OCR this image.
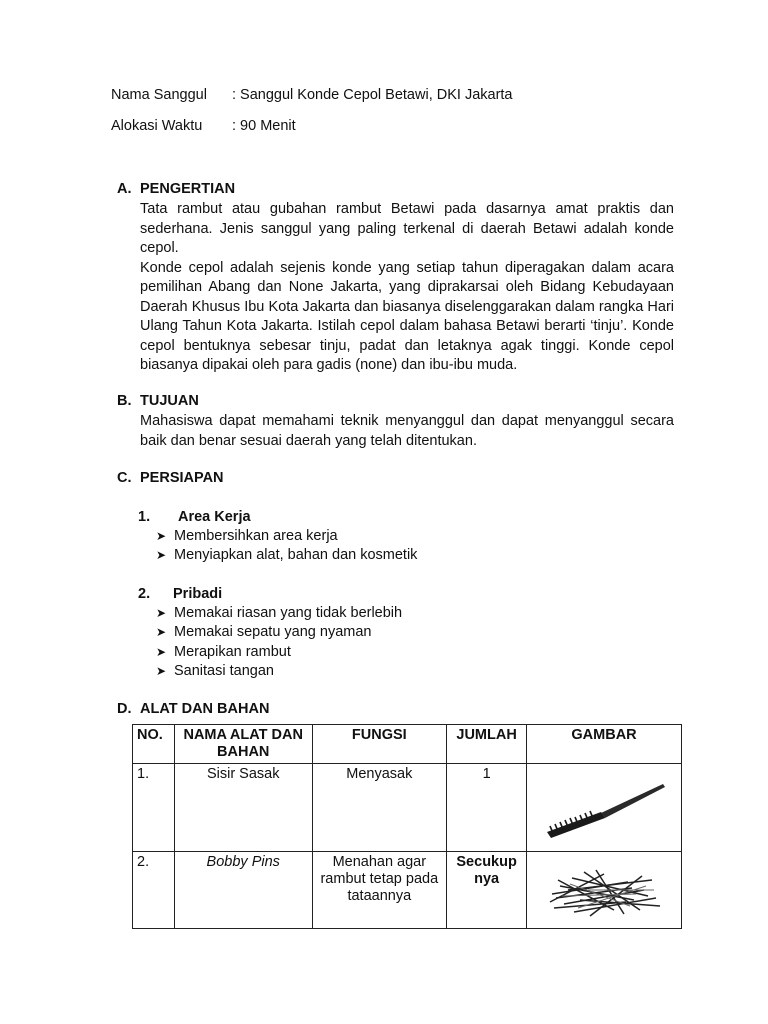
Nama Sanggul : Sanggul Konde Cepol Betawi, DKI Jakarta
Alokasi Waktu : 90 Menit
A. PENGERTIAN

Tata rambut atau gubahan rambut Betawi pada dasarnya amat praktis dan sederhana. Jenis sanggul yang paling terkenal di daerah Betawi adalah konde cepol.

Konde cepol adalah sejenis konde yang setiap tahun diperagakan dalam acara pemilihan Abang dan None Jakarta, yang diprakarsai oleh Bidang Kebudayaan Daerah Khusus Ibu Kota Jakarta dan biasanya diselenggarakan dalam rangka Hari Ulang Tahun Kota Jakarta. Istilah cepol dalam bahasa Betawi berarti ‘tinju’. Konde cepol bentuknya sebesar tinju, padat dan letaknya agak tinggi. Konde cepol biasanya dipakai oleh para gadis (none) dan ibu-ibu muda.

B. TUJUAN

Mahasiswa dapat memahami teknik menyanggul dan dapat menyanggul secara baik dan benar sesuai daerah yang telah ditentukan.

C. PERSIAPAN
1. Area Kerja
➤ Membersihkan area kerja
➤ Menyiapkan alat, bahan dan kosmetik
2. Pribadi
➤ Memakai riasan yang tidak berlebih
➤ Memakai sepatu yang nyaman
➤ Merapikan rambut
➤ Sanitasi tangan
D. ALAT DAN BAHAN
NO.	NAMA ALAT DAN BAHAN	FUNGSI	JUMLAH	GAMBAR
1.	Sisir Sasak	Menyasak	1	

2.	Bobby Pins	Menahan agar rambut tetap pada tataannya	Secukup nya	
